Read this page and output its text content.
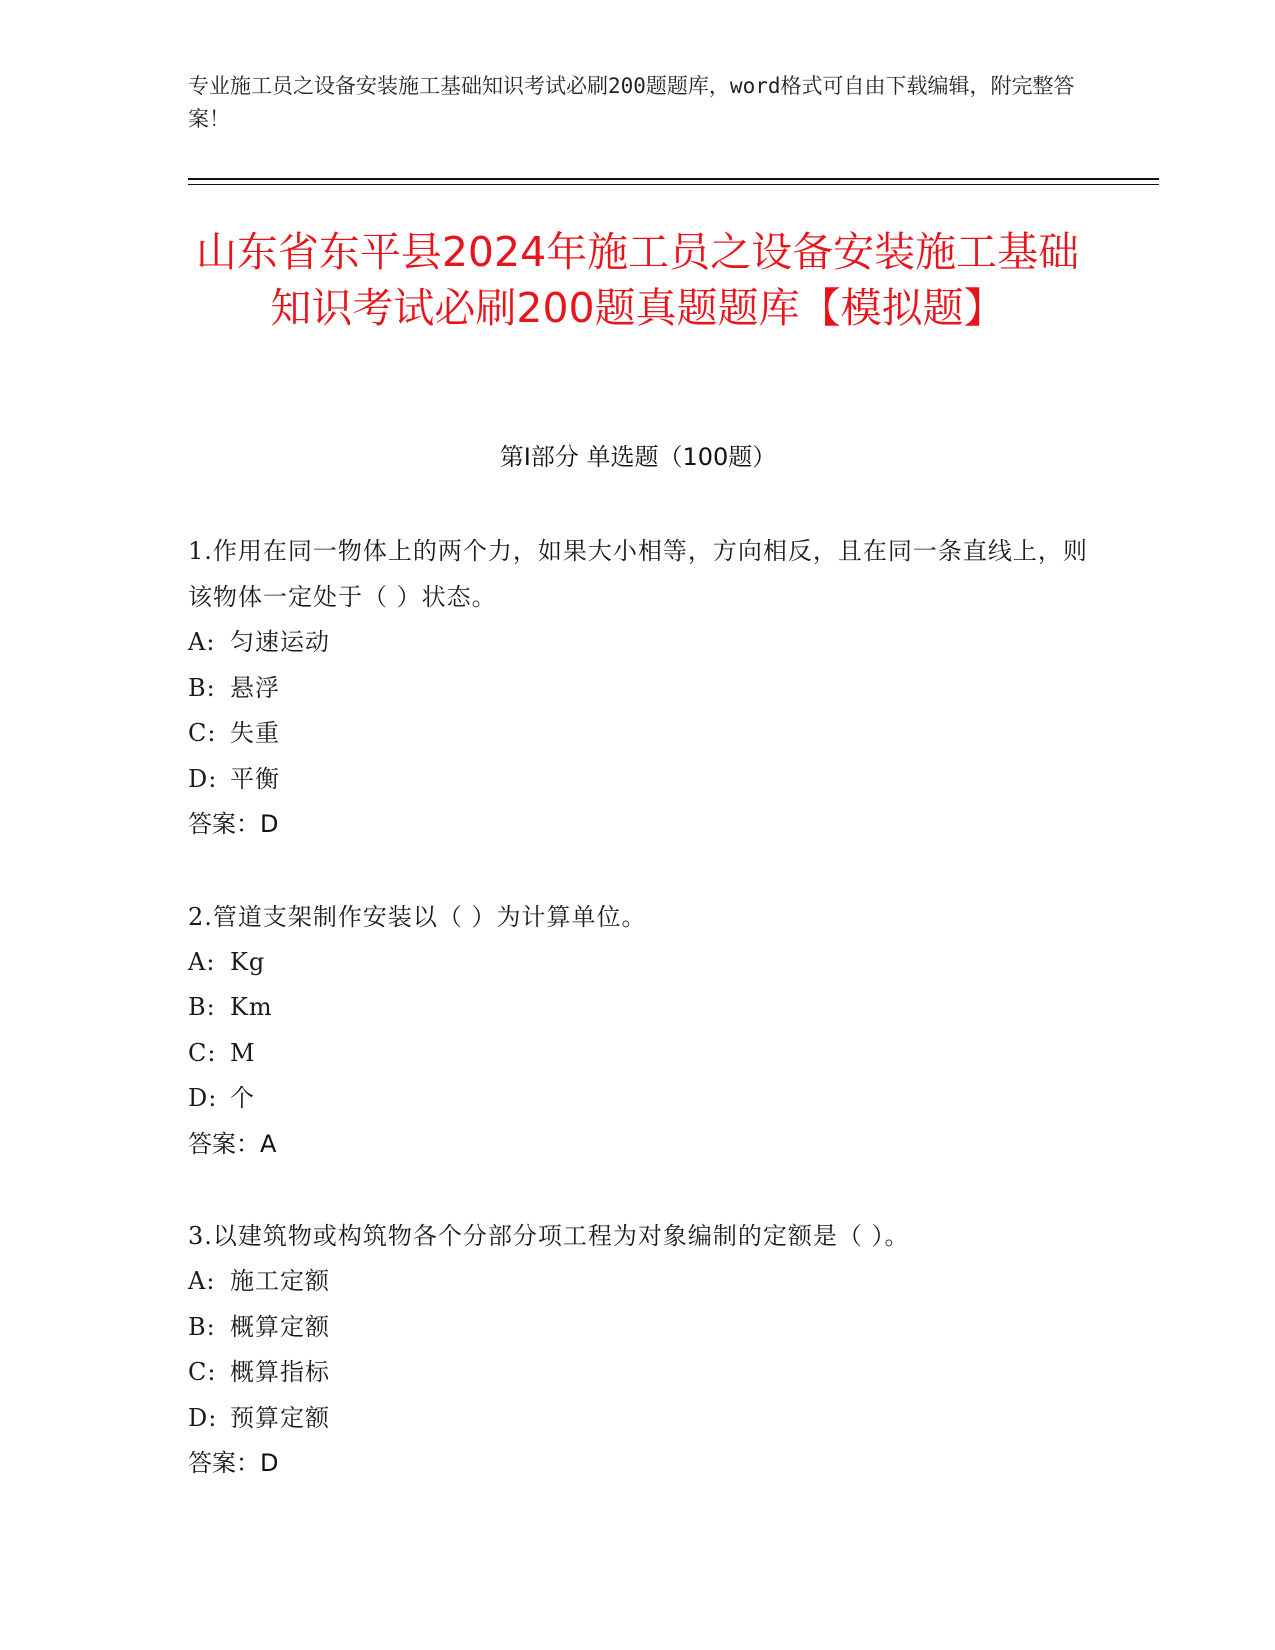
专业施工员之设备安装施工基础知识考试必刷200题题库，word格式可自由下载编辑，附完整答案！
山东省东平县2024年施工员之设备安装施工基础知识考试必刷200题真题题库【模拟题】
第Ⅰ部分 单选题（100题）

1.作用在同一物体上的两个力，如果大小相等，方向相反，且在同一条直线上，则该物体一定处于（ ）状态。

A: 匀速运动

B: 悬浮

C: 失重

D: 平衡

答案：D

2.管道支架制作安装以（ ）为计算单位。

A: Kg

B: Km

C: M

D: 个

答案：A

3.以建筑物或构筑物各个分部分项工程为对象编制的定额是（ ）。

A: 施工定额

B: 概算定额

C: 概算指标

D: 预算定额

答案：D
